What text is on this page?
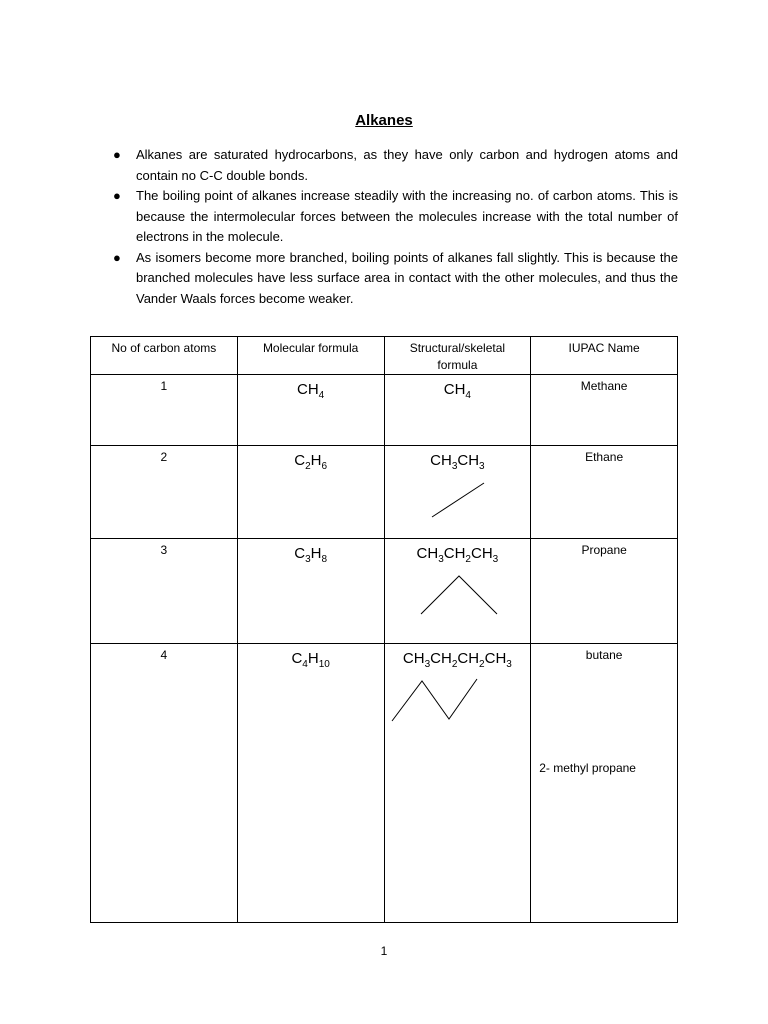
Alkanes
● Alkanes are saturated hydrocarbons, as they have only carbon and hydrogen atoms and contain no C-C double bonds.
● The boiling point of alkanes increase steadily with the increasing no. of carbon atoms. This is because the intermolecular forces between the molecules increase with the total number of electrons in the molecule.
● As isomers become more branched, boiling points of alkanes fall slightly. This is because the branched molecules have less surface area in contact with the other molecules, and thus the Vander Waals forces become weaker.
No of carbon atoms	Molecular formula	Structural/skeletal formula	IUPAC Name
1	$CH_4$	$CH_4$	Methane
2	$C_2H_6$	$CH_3CH_3$	Ethane
3	$C_3H_8$	$CH_3CH_2CH_3$	Propane
4	$C_4H_{10}$	$CH_3CH_2CH_2CH_3$	butane
2- methyl propane
1
